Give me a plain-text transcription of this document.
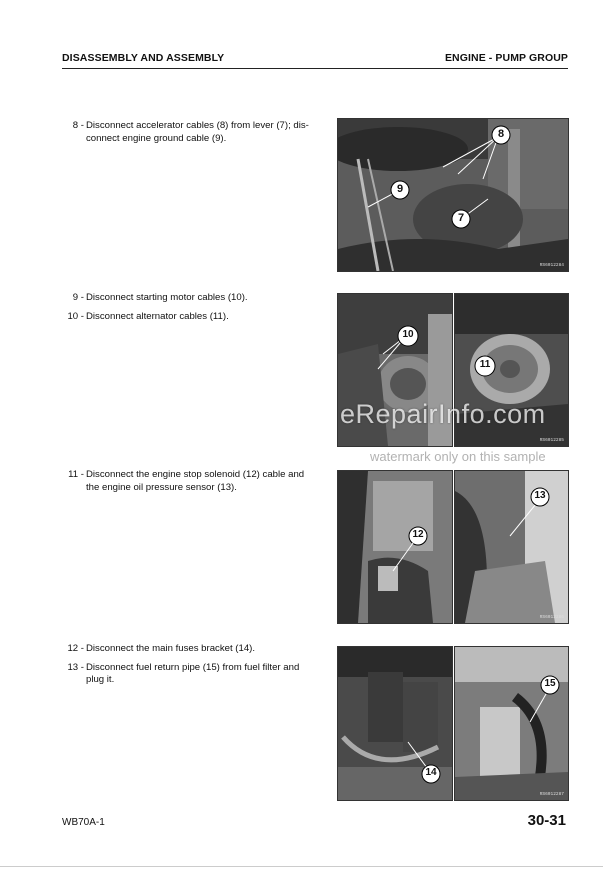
DISASSEMBLY AND ASSEMBLY	ENGINE - PUMP GROUP
8 - Disconnect accelerator cables (8) from lever (7); dis-connect engine ground cable (9).
9 - Disconnect starting motor cables (10).
10 - Disconnect alternator cables (11).
11 - Disconnect the engine stop solenoid (12) cable and the engine oil pressure sensor (13).
12 - Disconnect the main fuses bracket (14).
13 - Disconnect fuel return pipe (15) from fuel filter and plug it.
8
9
7
RS6012284
10
11
RS6012285
12
13
RS6012286
14
15
RS6012287
eRepairInfo.com
watermark only on this sample
WB70A-1	30-31
